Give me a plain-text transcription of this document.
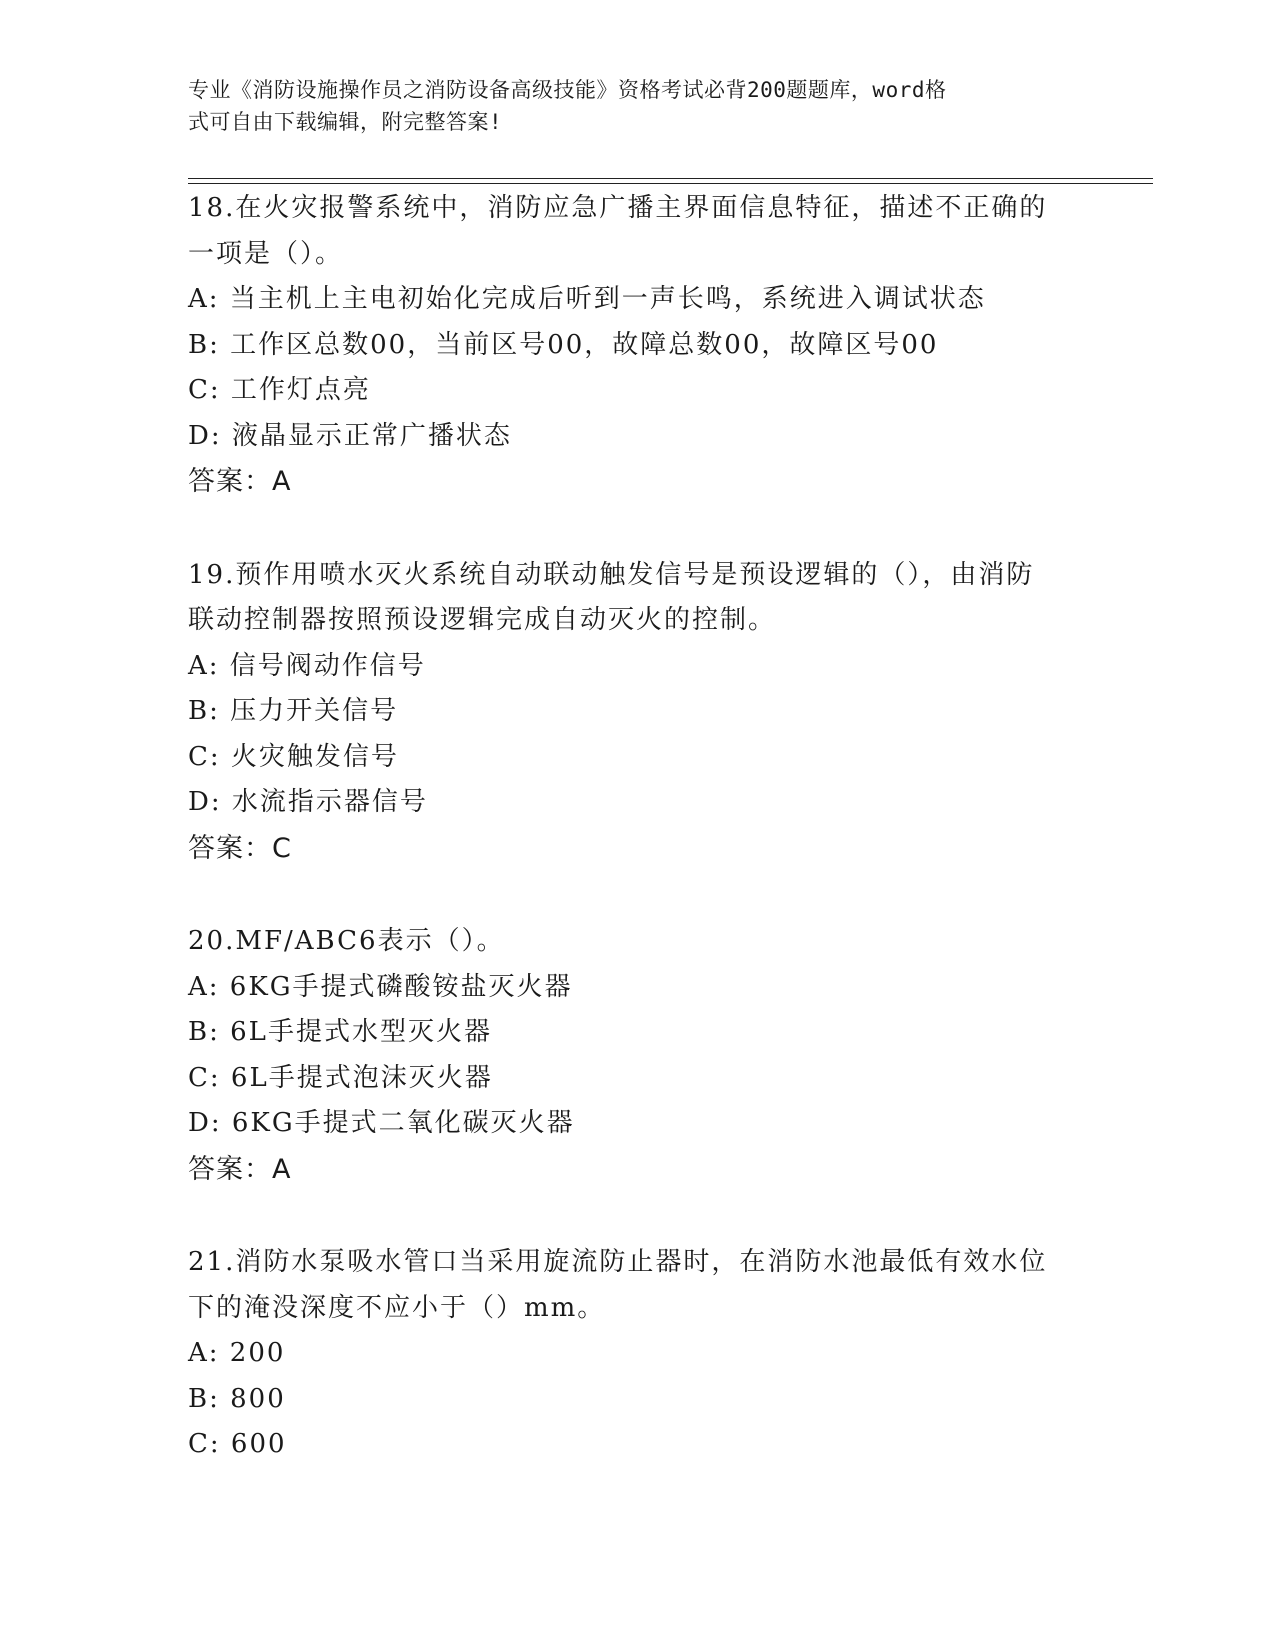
专业《消防设施操作员之消防设备高级技能》资格考试必背200题题库，word格
式可自由下载编辑，附完整答案!
18.在火灾报警系统中，消防应急广播主界面信息特征，描述不正确的
一项是（）。
A: 当主机上主电初始化完成后听到一声长鸣，系统进入调试状态
B: 工作区总数00，当前区号00，故障总数00，故障区号00
C: 工作灯点亮
D: 液晶显示正常广播状态
答案：A
19.预作用喷水灭火系统自动联动触发信号是预设逻辑的（），由消防
联动控制器按照预设逻辑完成自动灭火的控制。
A: 信号阀动作信号
B: 压力开关信号
C: 火灾触发信号
D: 水流指示器信号
答案：C
20.MF/ABC6表示（）。
A: 6KG手提式磷酸铵盐灭火器
B: 6L手提式水型灭火器
C: 6L手提式泡沫灭火器
D: 6KG手提式二氧化碳灭火器
答案：A
21.消防水泵吸水管口当采用旋流防止器时，在消防水池最低有效水位
下的淹没深度不应小于（）mm。
A: 200
B: 800
C: 600
